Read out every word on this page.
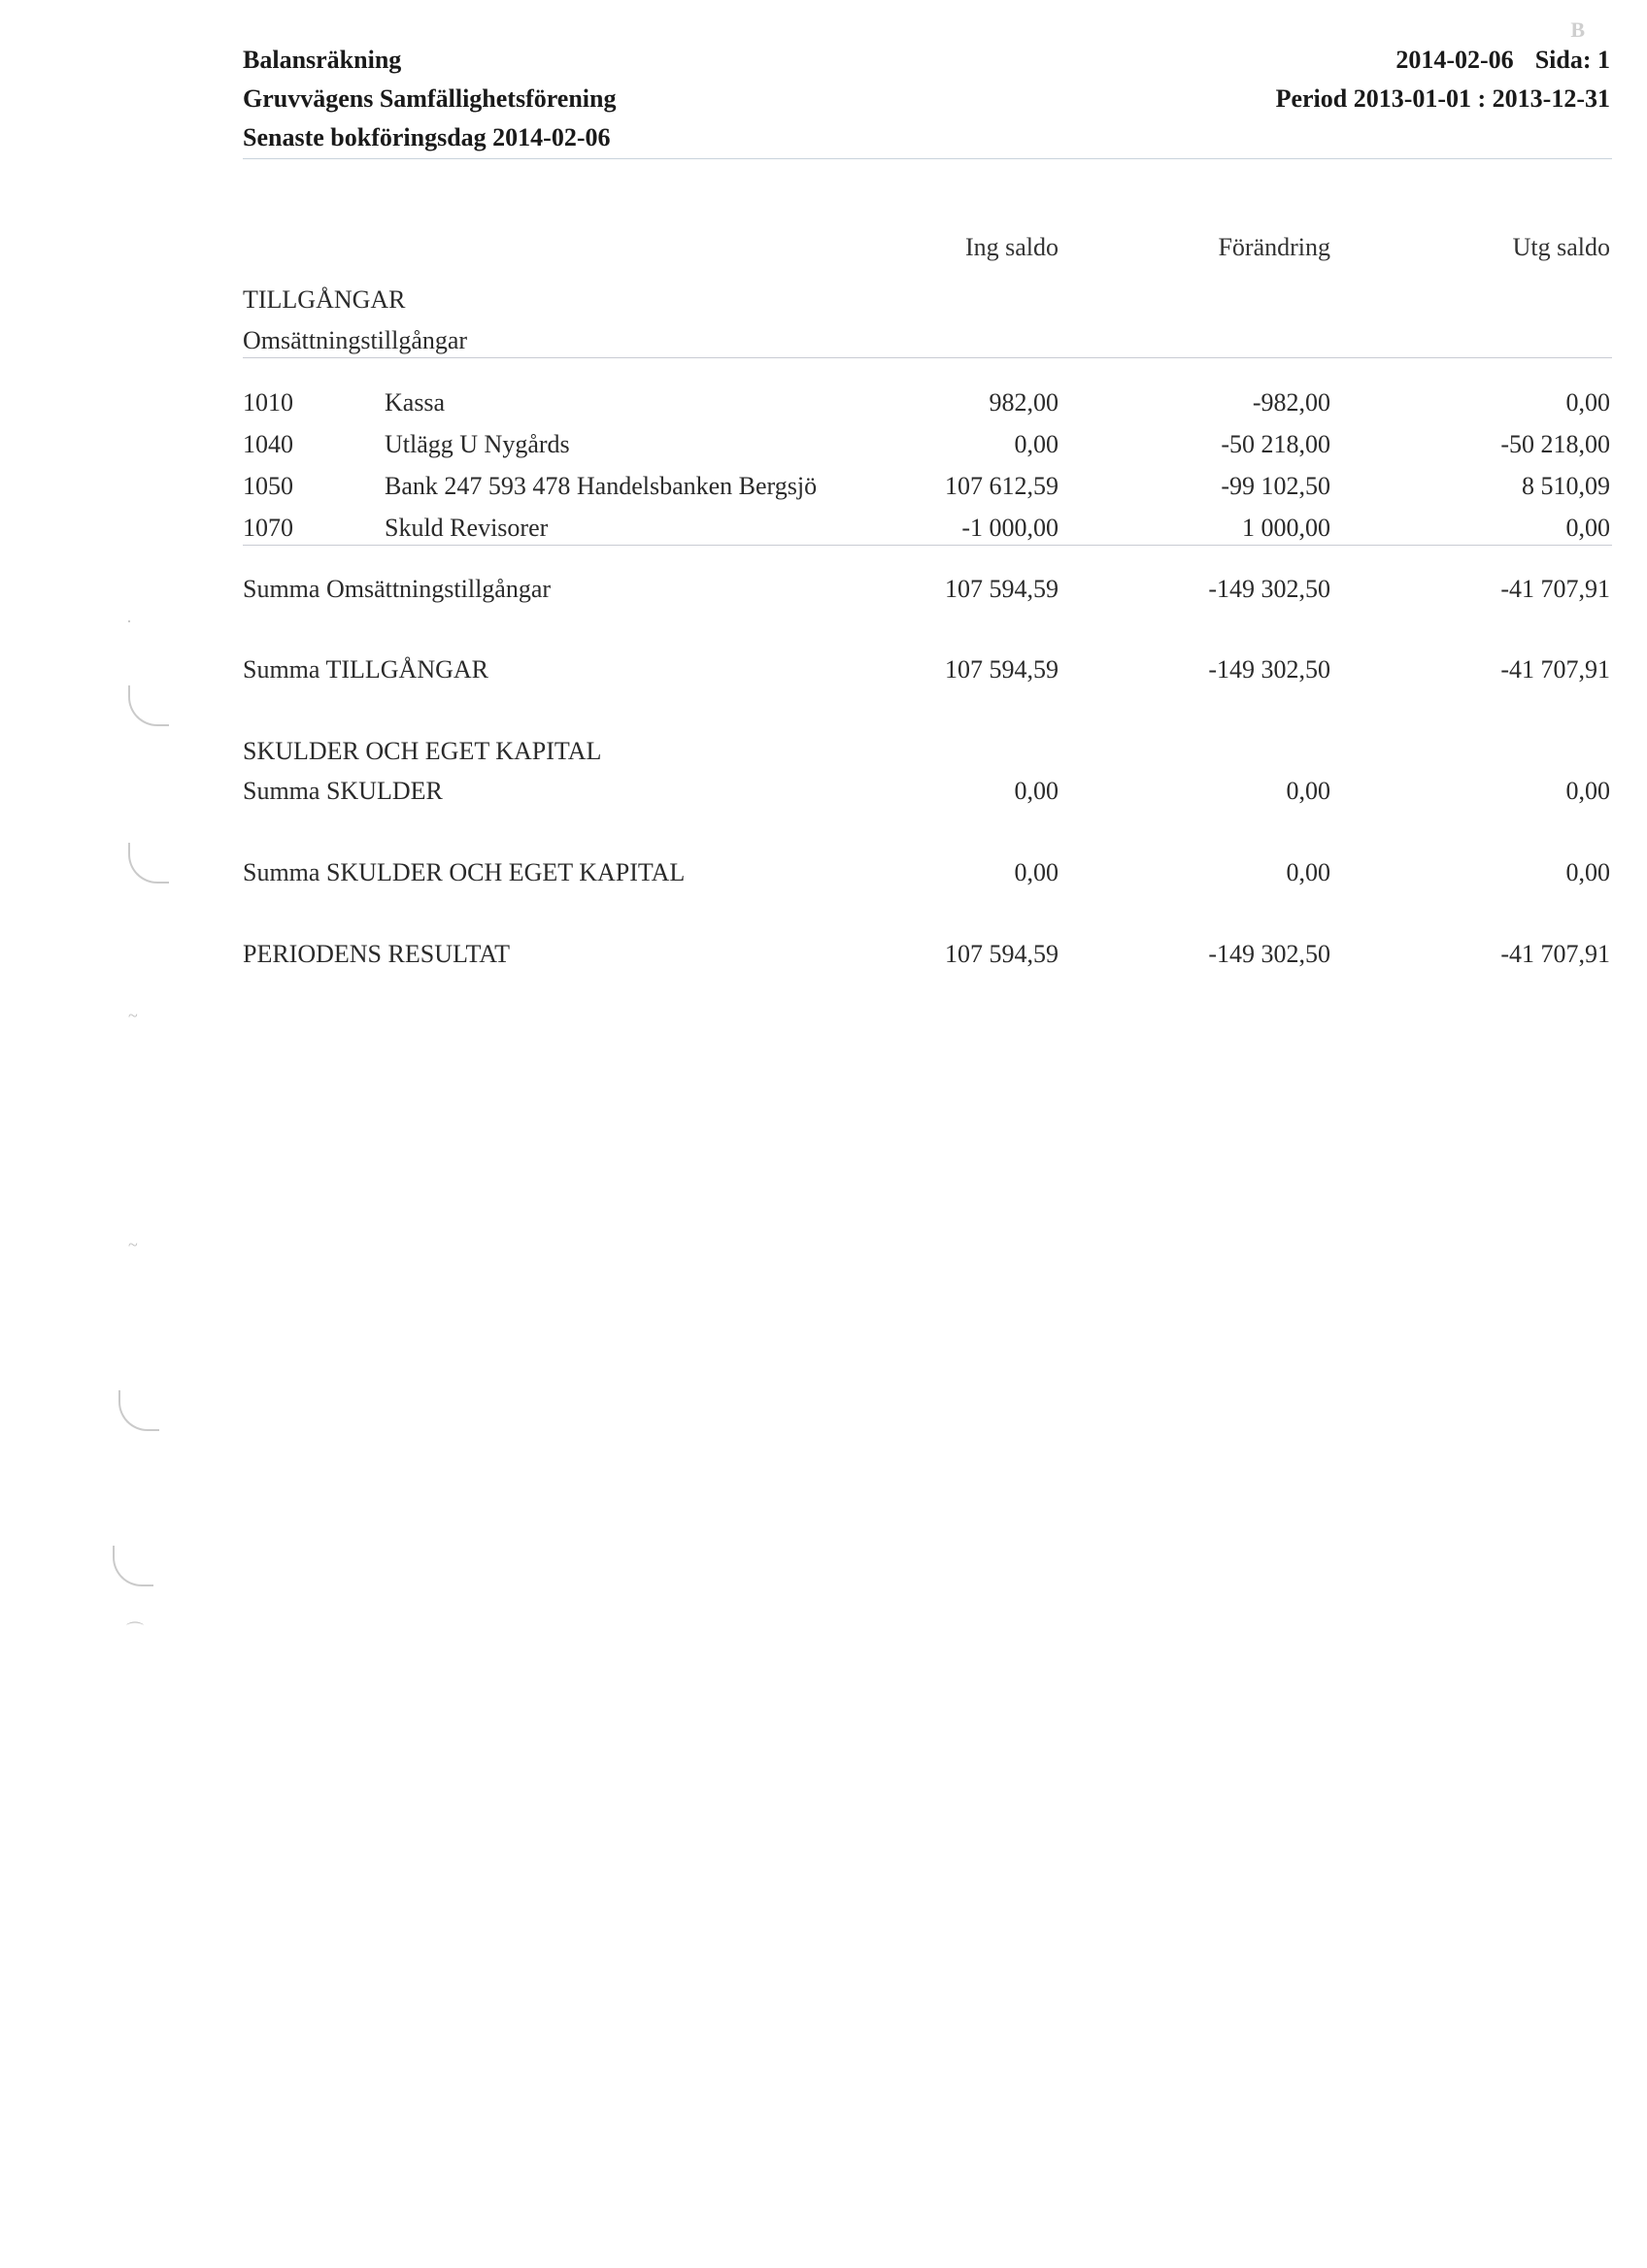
Balansräkning
Gruvvägens Samfällighetsförening
Senaste bokföringsdag 2014-02-06
B
2014-02-06 Sida: 1
Period 2013-01-01 : 2013-12-31
Ing saldo	Förändring	Utg saldo
TILLGÅNGAR
Omsättningstillgångar
1010	Kassa	982,00	-982,00	0,00
1040	Utlägg U Nygårds	0,00	-50 218,00	-50 218,00
1050	Bank 247 593 478 Handelsbanken Bergsjö	107 612,59	-99 102,50	8 510,09
1070	Skuld Revisorer	-1 000,00	1 000,00	0,00
Summa Omsättningstillgångar	107 594,59	-149 302,50	-41 707,91
Summa TILLGÅNGAR	107 594,59	-149 302,50	-41 707,91
SKULDER OCH EGET KAPITAL
Summa SKULDER	0,00	0,00	0,00
Summa SKULDER OCH EGET KAPITAL	0,00	0,00	0,00
PERIODENS RESULTAT	107 594,59	-149 302,50	-41 707,91
·
~
~
⌒
